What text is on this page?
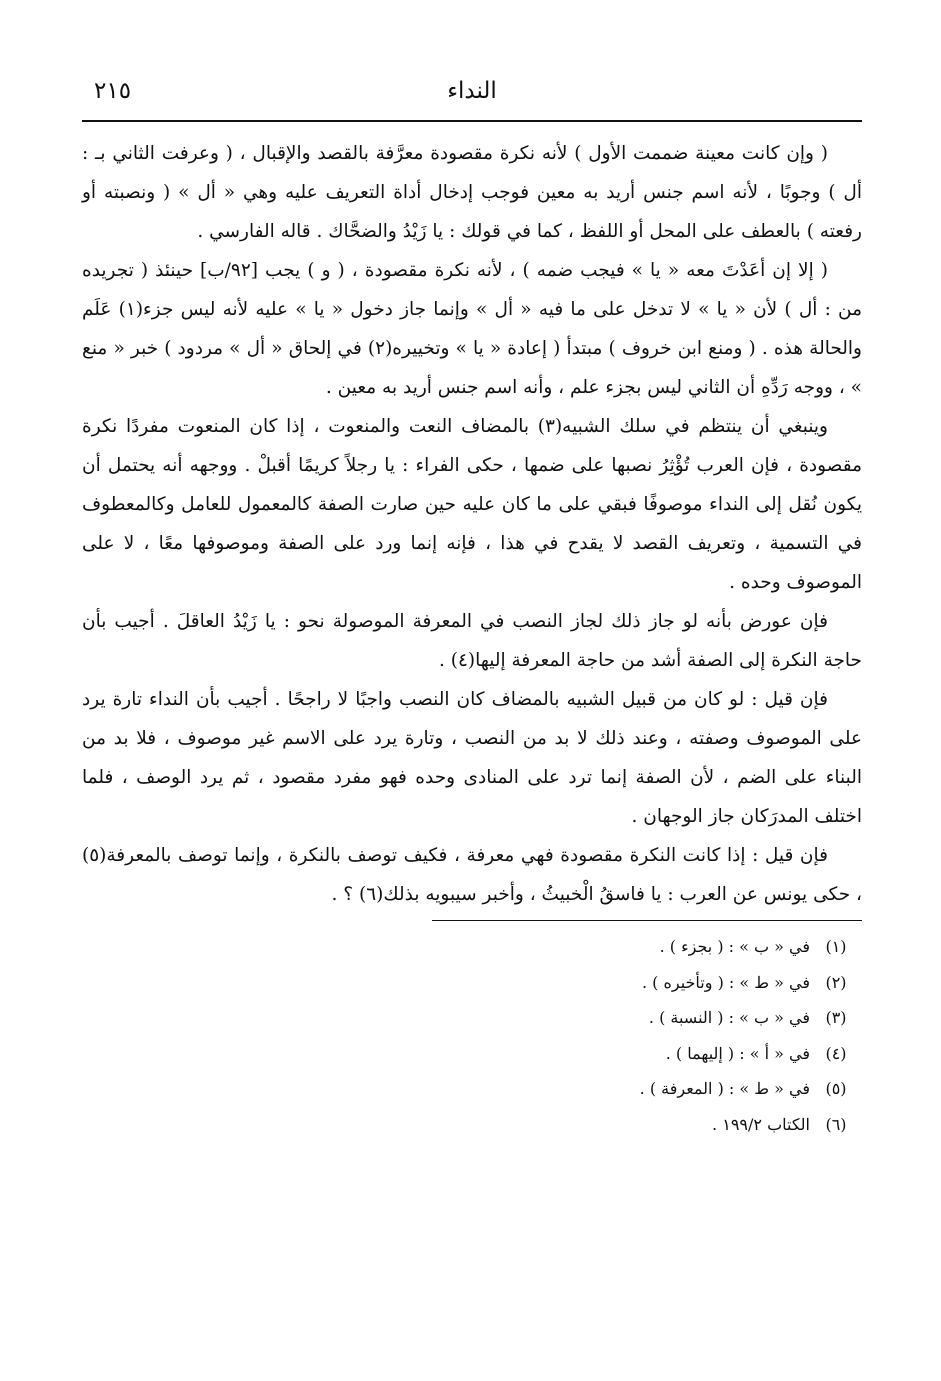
النداء
٢١٥

( وإن كانت معينة ضممت الأول ) لأنه نكرة مقصودة معرَّفة بالقصد والإقبال ، ( وعرفت الثاني بـ : أل ) وجوبًا ، لأنه اسم جنس أريد به معين فوجب إدخال أداة التعريف عليه وهي « أل » ( ونصبته أو رفعته ) بالعطف على المحل أو اللفظ ، كما في قولك : يا زَيْدُ والضحَّاك . قاله الفارسي .

( إلا إن أعَدْتَ معه « يا » فيجب ضمه ) ، لأنه نكرة مقصودة ، ( و ) يجب [٩٢/ب] حينئذ ( تجريده من : أل ) لأن « يا » لا تدخل على ما فيه « أل » وإنما جاز دخول « يا » عليه لأنه ليس جزء(١) عَلَم والحالة هذه . ( ومنع ابن خروف ) مبتدأ ( إعادة « يا » وتخييره(٢) في إلحاق « أل » مردود ) خبر « منع » ، ووجه رَدِّهِ أن الثاني ليس بجزء علم ، وأنه اسم جنس أريد به معين .

وينبغي أن ينتظم في سلك الشبيه(٣) بالمضاف النعت والمنعوت ، إذا كان المنعوت مفردًا نكرة مقصودة ، فإن العرب تُؤْثِرُ نصبها على ضمها ، حكى الفراء : يا رجلاً كريمًا أقبلْ . ووجهه أنه يحتمل أن يكون نُقل إلى النداء موصوفًا فبقي على ما كان عليه حين صارت الصفة كالمعمول للعامل وكالمعطوف في التسمية ، وتعريف القصد لا يقدح في هذا ، فإنه إنما ورد على الصفة وموصوفها معًا ، لا على الموصوف وحده .

فإن عورض بأنه لو جاز ذلك لجاز النصب في المعرفة الموصولة نحو : يا زَيْدُ العاقلَ . أجيب بأن حاجة النكرة إلى الصفة أشد من حاجة المعرفة إليها(٤) .

فإن قيل : لو كان من قبيل الشبيه بالمضاف كان النصب واجبًا لا راجحًا . أجيب بأن النداء تارة يرد على الموصوف وصفته ، وعند ذلك لا بد من النصب ، وتارة يرد على الاسم غير موصوف ، فلا بد من البناء على الضم ، لأن الصفة إنما ترد على المنادى وحده فهو مفرد مقصود ، ثم يرد الوصف ، فلما اختلف المدرَكان جاز الوجهان .

فإن قيل : إذا كانت النكرة مقصودة فهي معرفة ، فكيف توصف بالنكرة ، وإنما توصف بالمعرفة(٥) ، حكى يونس عن العرب : يا فاسقُ الْخبيثُ ، وأخبر سيبويه بذلك(٦) ؟ .

(١)
في « ب » : ( بجزء ) .
(٢)
في « ط » : ( وتأخيره ) .
(٣)
في « ب » : ( النسبة ) .
(٤)
في « أ » : ( إليهما ) .
(٥)
في « ط » : ( المعرفة ) .
(٦)
الكتاب ١٩٩/٢ .
